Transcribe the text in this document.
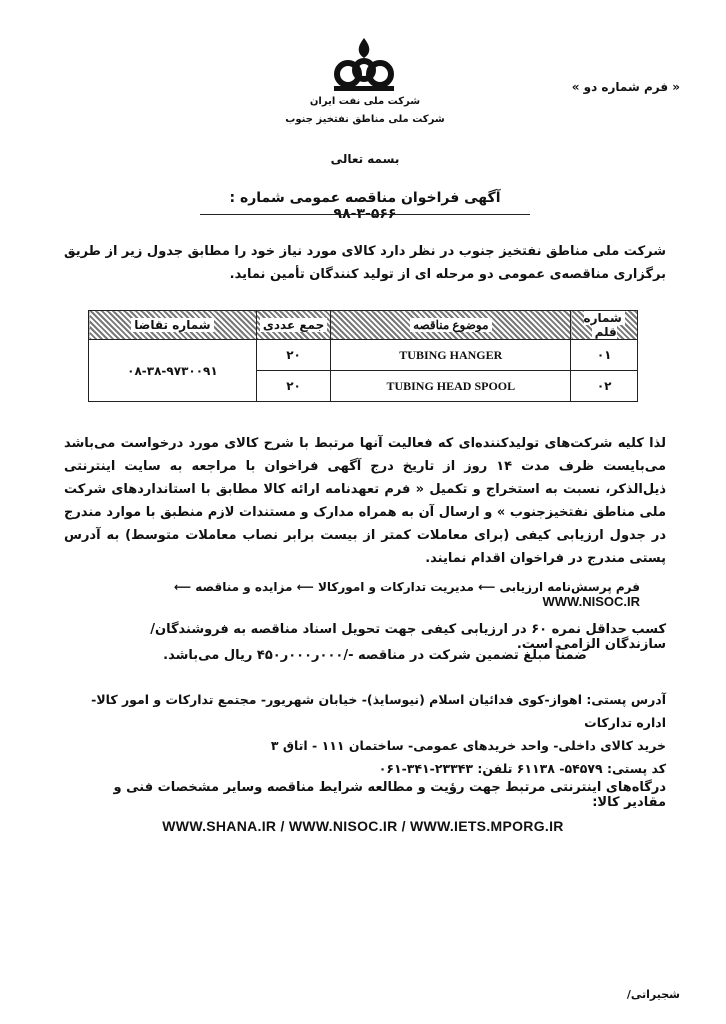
شرکت ملی نفت ایران
شرکت ملی مناطق نفتخیز جنوب
« فرم شماره دو »
بسمه تعالی
آگهی فراخوان مناقصه عمومی شماره : ۵۶۶-۳-۹۸
شرکت ملی مناطق نفتخیز جنوب در نظر دارد کالای مورد نیاز خود را مطابق جدول زیر از طریق برگزاری مناقصه‌ی عمومی دو مرحله ای از تولید کنندگان تأمین نماید.
شماره قلم	موضوع مناقصه	جمع عددی	شماره تقاضا
۰۱	TUBING HANGER	۲۰	۰۸-۳۸-۹۷۳۰۰۹۱
۰۲	TUBING HEAD SPOOL	۲۰	
لذا کلیه شرکت‌های تولیدکننده‌ای که فعالیت آنها مرتبط با شرح کالای مورد درخواست می‌باشد می‌بایست ظرف مدت ۱۴ روز از تاریخ درج آگهی فراخوان با مراجعه به سایت اینترنتی ذیل‌الذکر، نسبت به استخراج و تکمیل « فرم تعهدنامه ارائه کالا مطابق با استانداردهای شرکت ملی مناطق نفتخیزجنوب » و ارسال آن به همراه مدارک و مستندات لازم منطبق با موارد مندرج در جدول ارزیابی کیفی (برای معاملات کمتر از بیست برابر نصاب معاملات متوسط) به آدرس پستی مندرج در فراخوان اقدام نمایند.
فرم پرسش‌نامه ارزیابی ⟵ مدیریت تدارکات و امورکالا ⟵ مزایده و مناقصه ⟵ WWW.NISOC.IR
کسب حداقل نمره ۶۰ در ارزیابی کیفی جهت تحویل اسناد مناقصه به فروشندگان/ سازندگان الزامی است.
ضمناً مبلغ تضمین شرکت در مناقصه -/۰۰۰ر۰۰۰ر۴۵۰ ریال می‌باشد.
آدرس پستی: اهواز-کوی فدائیان اسلام (نیوسایذ)- خیابان شهریور- مجتمع تدارکات و امور کالا- اداره تدارکات
خرید کالای داخلی- واحد خریدهای عمومی- ساختمان ۱۱۱ - اتاق ۳
کد پستی: ۵۴۵۷۹- ۶۱۱۳۸ تلفن: ۲۳۳۴۳-۳۴۱-۰۶۱
درگاه‌های اینترنتی مرتبط جهت رؤیت و مطالعه شرایط مناقصه وسایر مشخصات فنی و مقادیر کالا:
WWW.SHANA.IR / WWW.NISOC.IR / WWW.IETS.MPORG.IR
شجیراتی/
